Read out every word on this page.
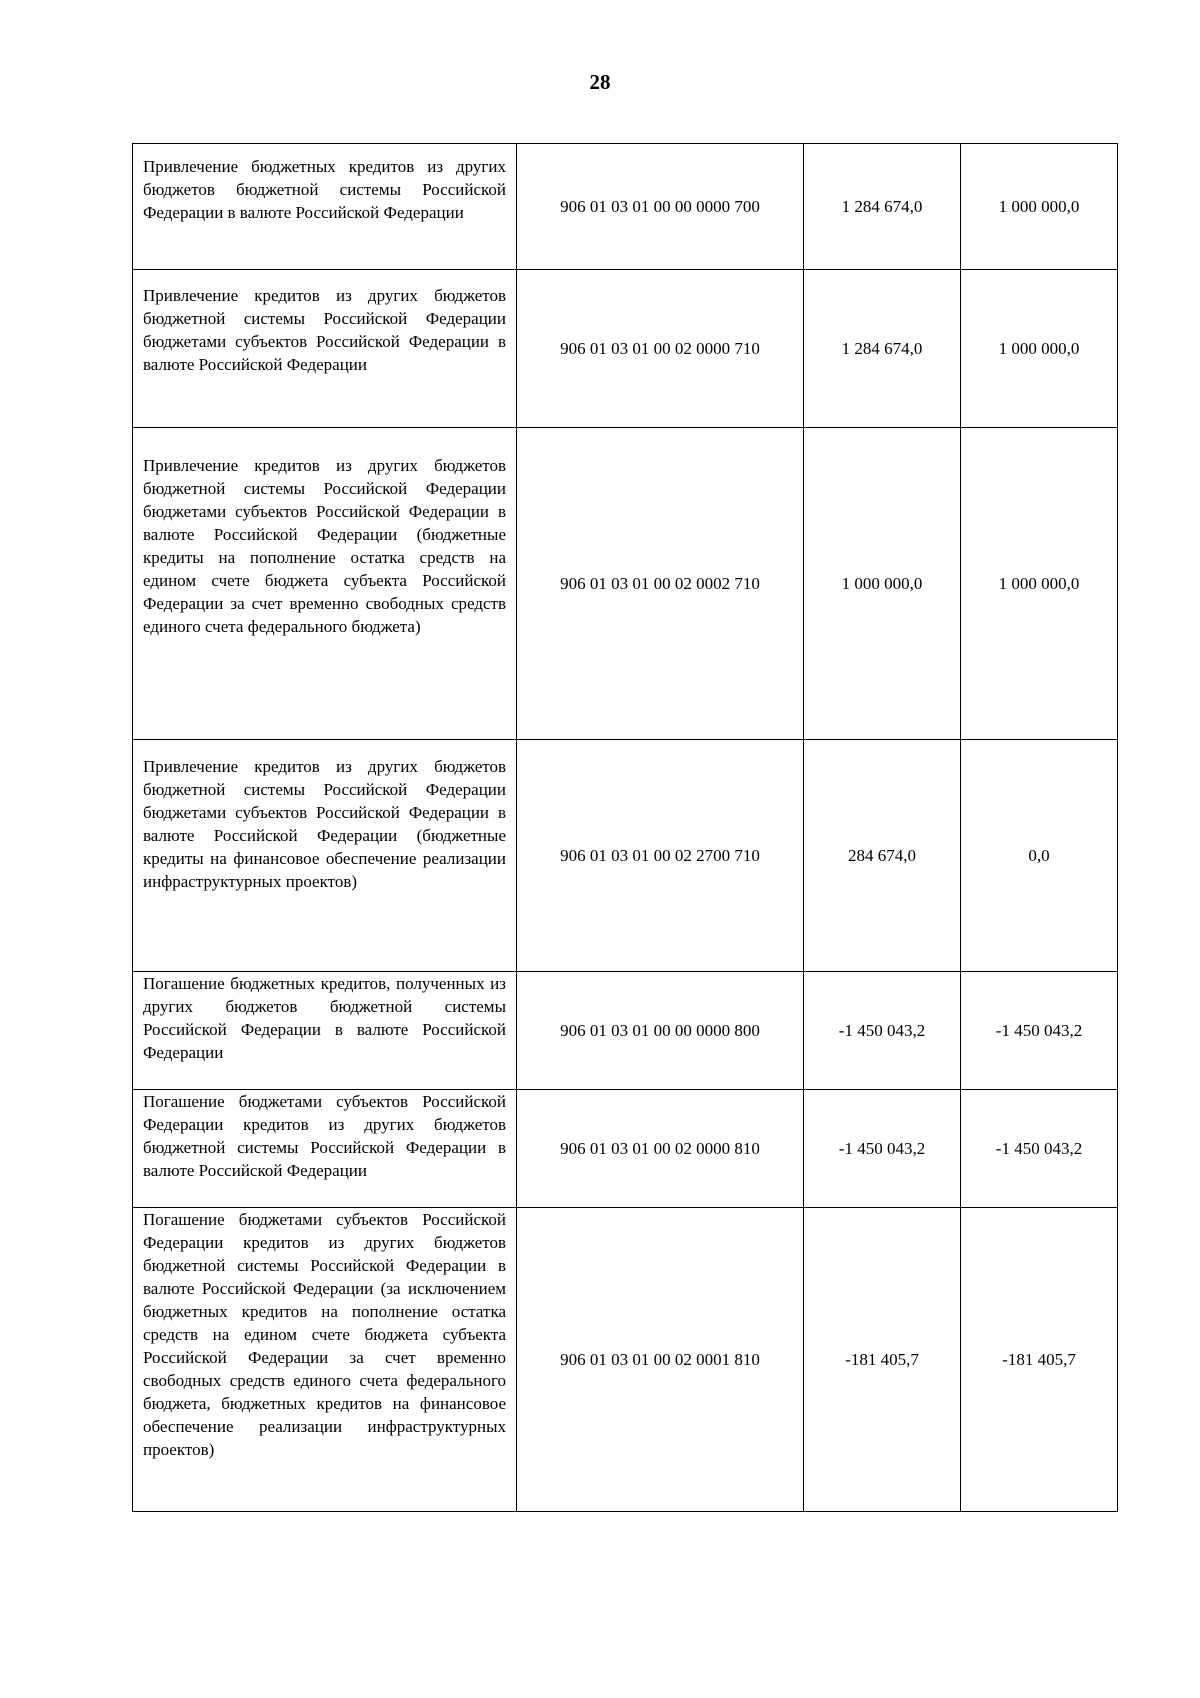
28
Привлечение бюджетных кредитов из других бюджетов бюджетной системы Российской Федерации в валюте Российской Федерации	906 01 03 01 00 00 0000 700	1 284 674,0	1 000 000,0
Привлечение кредитов из других бюджетов бюджетной системы Российской Федерации бюджетами субъектов Российской Федерации в валюте Российской Федерации	906 01 03 01 00 02 0000 710	1 284 674,0	1 000 000,0
Привлечение кредитов из других бюджетов бюджетной системы Российской Федерации бюджетами субъектов Российской Федерации в валюте Российской Федерации (бюджетные кредиты на пополнение остатка средств на едином счете бюджета субъекта Российской Федерации за счет временно свободных средств единого счета федерального бюджета)	906 01 03 01 00 02 0002 710	1 000 000,0	1 000 000,0
Привлечение кредитов из других бюджетов бюджетной системы Российской Федерации бюджетами субъектов Российской Федерации в валюте Российской Федерации (бюджетные кредиты на финансовое обеспечение реализации инфраструктурных проектов)	906 01 03 01 00 02 2700 710	284 674,0	0,0
Погашение бюджетных кредитов, полученных из других бюджетов бюджетной системы Российской Федерации в валюте Российской Федерации	906 01 03 01 00 00 0000 800	-1 450 043,2	-1 450 043,2
Погашение бюджетами субъектов Российской Федерации кредитов из других бюджетов бюджетной системы Российской Федерации в валюте Российской Федерации	906 01 03 01 00 02 0000 810	-1 450 043,2	-1 450 043,2
Погашение бюджетами субъектов Российской Федерации кредитов из других бюджетов бюджетной системы Российской Федерации в валюте Российской Федерации (за исключением бюджетных кредитов на пополнение остатка средств на едином счете бюджета субъекта Российской Федерации за счет временно свободных средств единого счета федерального бюджета, бюджетных кредитов на финансовое обеспечение реализации инфраструктурных проектов)	906 01 03 01 00 02 0001 810	-181 405,7	-181 405,7
